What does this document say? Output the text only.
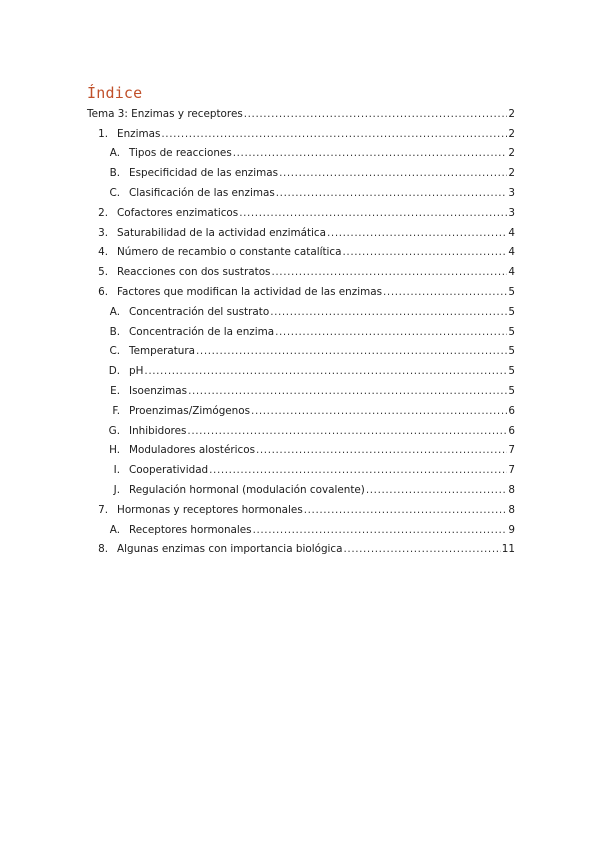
Índice
Tema 3: Enzimas y receptores .....	2
1. Enzimas .....	2
A. Tipos de reacciones .....	2
B. Especificidad de las enzimas .....	2
C. Clasificación de las enzimas .....	3
2. Cofactores enzimaticos .....	3
3. Saturabilidad de la actividad enzimática .....	4
4. Número de recambio o constante catalítica .....	4
5. Reacciones con dos sustratos .....	4
6. Factores que modifican la actividad de las enzimas .....	5
A. Concentración del sustrato .....	5
B. Concentración de la enzima .....	5
C. Temperatura .....	5
D. pH .....	5
E. Isoenzimas .....	5
F. Proenzimas/Zimógenos .....	6
G. Inhibidores .....	6
H. Moduladores alostéricos .....	7
I. Cooperatividad .....	7
J. Regulación hormonal (modulación covalente) .....	8
7. Hormonas y receptores hormonales .....	8
A. Receptores hormonales .....	9
8. Algunas enzimas con importancia biológica .....	11
